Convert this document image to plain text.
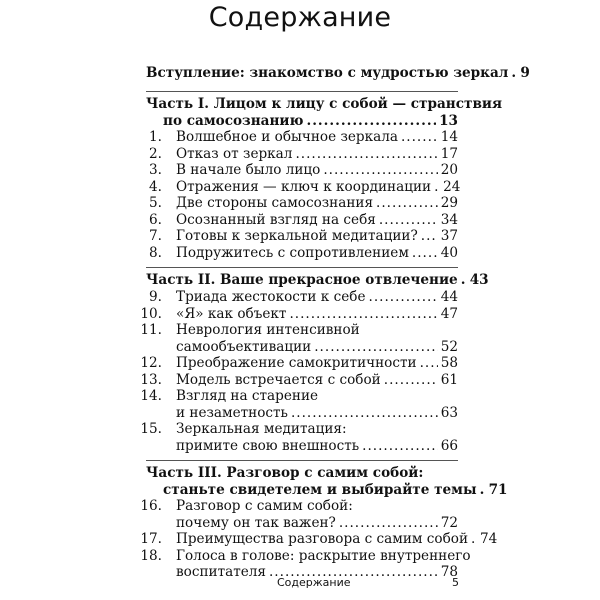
Содержание
Вступление: знакомство с мудростью зеркал ..... 9
Часть I. Лицом к лицу с собой — странствия
по самосознанию .....	13
1. Волшебное и обычное зеркала .....	14
2. Отказ от зеркал .....	17
3. В начале было лицо .....	20
4. Отражения — ключ к координации ..... 24
5. Две стороны самосознания .....	29
6. Осознанный взгляд на себя .....	34
7. Готовы к зеркальной медитации? ..... 37
8. Подружитесь с сопротивлением ..... 40
Часть II. Ваше прекрасное отвлечение ..... 43
9. Триада жестокости к себе .....	44
10. «Я» как объект .....	47
11. Неврология интенсивной
самообъективации .....	52
12. Преображение самокритичности ..... 58
13. Модель встречается с собой .....	61
14. Взгляд на старение
и незаметность .....	63
15. Зеркальная медитация:
примите свою внешность .....	66
Часть III. Разговор с самим собой:
станьте свидетелем и выбирайте темы ..... 71
16. Разговор с самим собой:
почему он так важен? .....	72
17. Преимущества разговора с самим собой ..... 74
18. Голоса в голове: раскрытие внутреннего
воспитателя .....	78
Содержание	5
